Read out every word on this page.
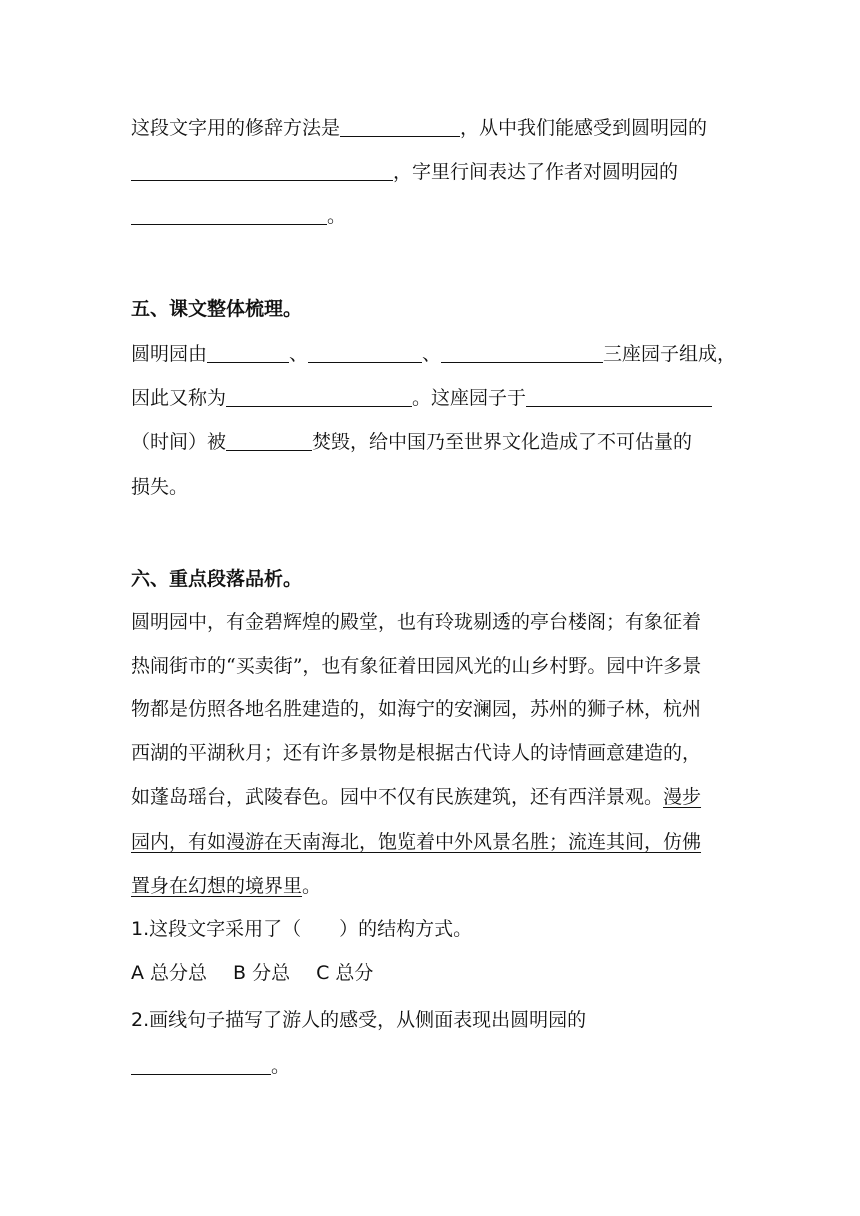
这段文字用的修辞方法是	，从中我们能感受到圆明园的
，字里行间表达了作者对圆明园的
。
五、课文整体梳理。
圆明园由	、	、	三座园子组成，
因此又称为	。这座园子于
（时间）被	焚毁，给中国乃至世界文化造成了不可估量的
损失。
六、重点段落品析。
圆明园中，有金碧辉煌的殿堂，也有玲珑剔透的亭台楼阁；有象征着
热闹街市的“买卖街”，也有象征着田园风光的山乡村野。园中许多景
物都是仿照各地名胜建造的，如海宁的安澜园，苏州的狮子林，杭州
西湖的平湖秋月；还有许多景物是根据古代诗人的诗情画意建造的，
如蓬岛瑶台，武陵春色。园中不仅有民族建筑，还有西洋景观。漫步
园内，有如漫游在天南海北，饱览着中外风景名胜；流连其间，仿佛
置身在幻想的境界里。
1.这段文字采用了（　　）的结构方式。
A 总分总 B 分总 C 总分
2.画线句子描写了游人的感受，从侧面表现出圆明园的
。
